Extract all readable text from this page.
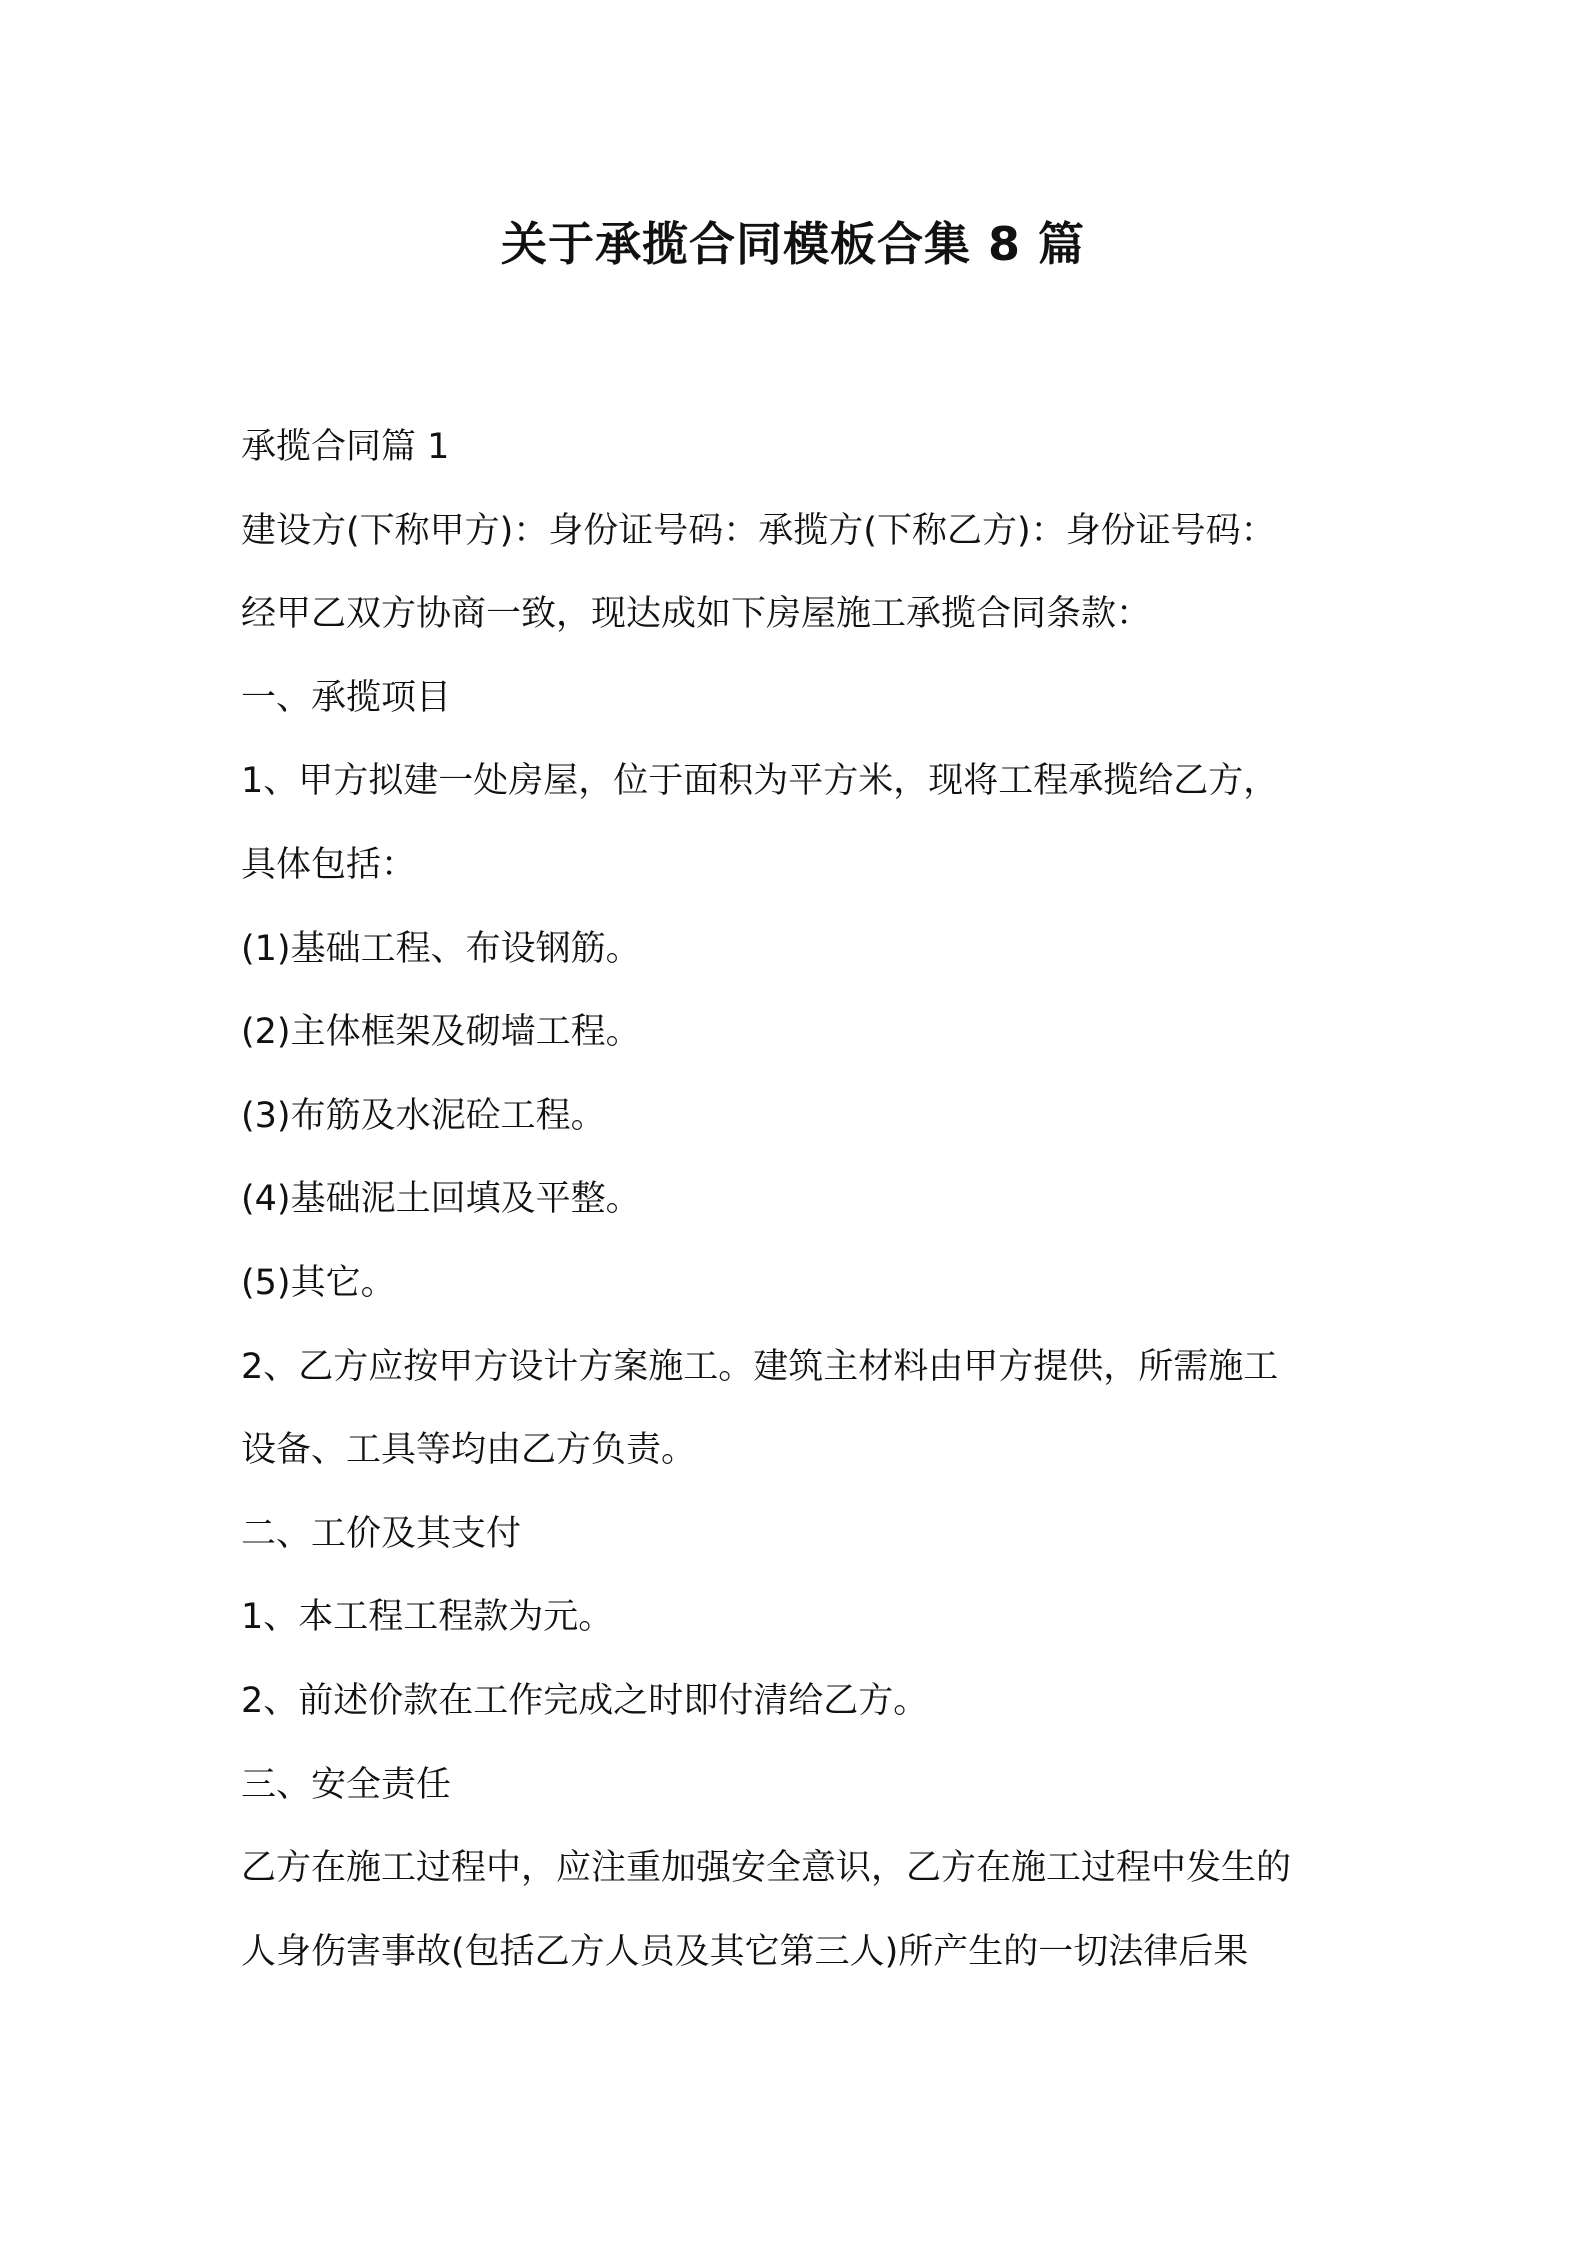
关于承揽合同模板合集 8 篇
承揽合同篇 1
建设方(下称甲方)：身份证号码：承揽方(下称乙方)：身份证号码：
经甲乙双方协商一致，现达成如下房屋施工承揽合同条款：
一、承揽项目
1、甲方拟建一处房屋，位于面积为平方米，现将工程承揽给乙方，
具体包括：
(1)基础工程、布设钢筋。
(2)主体框架及砌墙工程。
(3)布筋及水泥砼工程。
(4)基础泥土回填及平整。
(5)其它。
2、乙方应按甲方设计方案施工。建筑主材料由甲方提供，所需施工
设备、工具等均由乙方负责。
二、工价及其支付
1、本工程工程款为元。
2、前述价款在工作完成之时即付清给乙方。
三、安全责任
乙方在施工过程中，应注重加强安全意识，乙方在施工过程中发生的
人身伤害事故(包括乙方人员及其它第三人)所产生的一切法律后果
